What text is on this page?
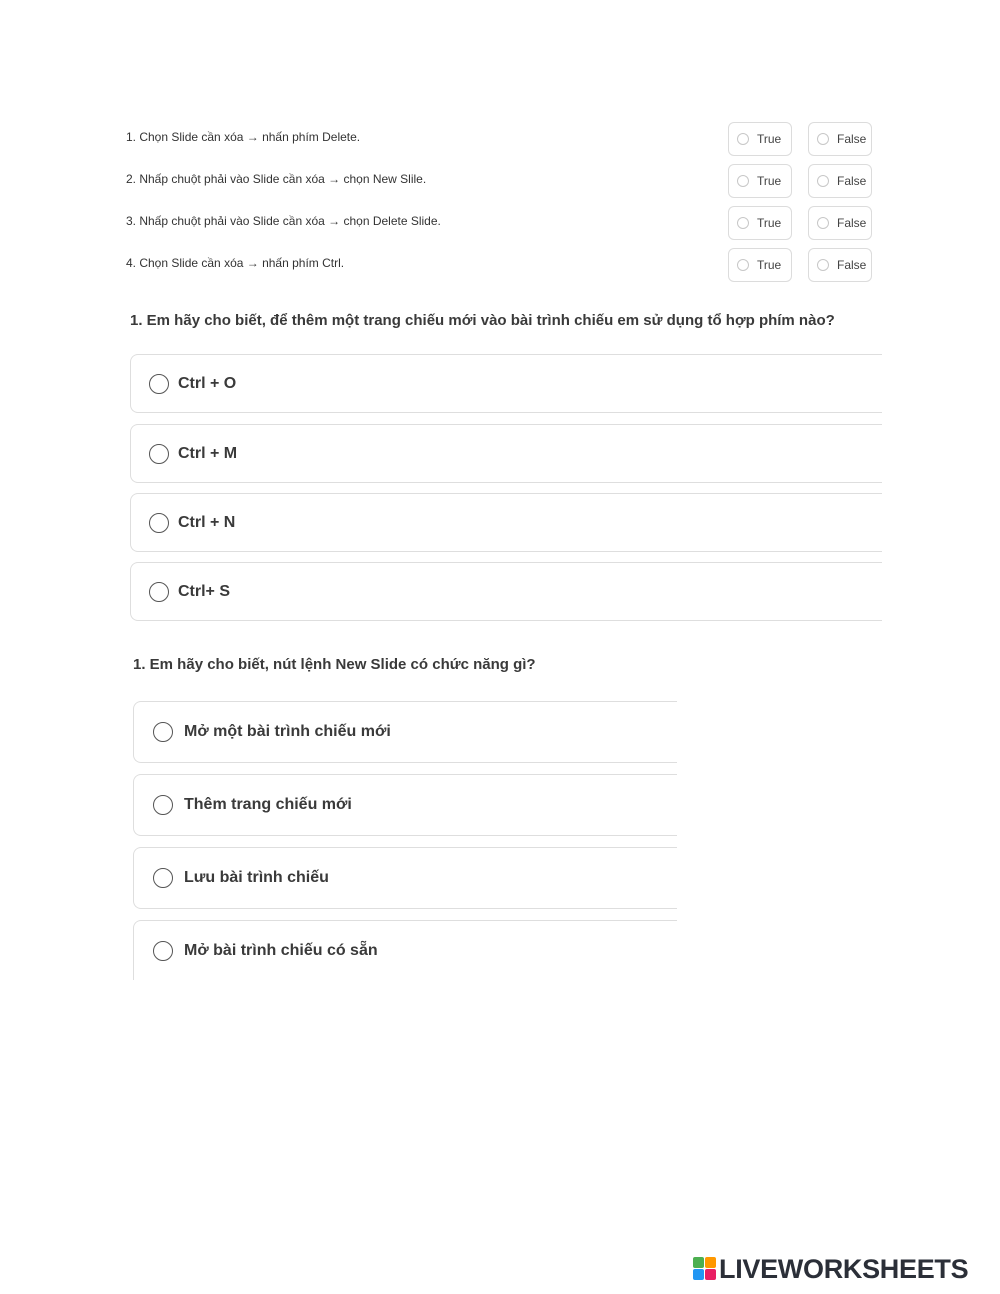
1. Chọn Slide cần xóa → nhấn phím Delete.	True	False
2. Nhấp chuột phải vào Slide cần xóa → chọn New Slile.	True	False
3. Nhấp chuột phải vào Slide cần xóa → chọn Delete Slide.	True	False
4. Chọn Slide cần xóa → nhấn phím Ctrl.	True	False
1. Em hãy cho biết, để thêm một trang chiếu mới vào bài trình chiếu em sử dụng tổ hợp phím nào?
Ctrl + O
Ctrl + M
Ctrl + N
Ctrl+ S
1. Em hãy cho biết, nút lệnh New Slide có chức năng gì?
Mở một bài trình chiếu mới
Thêm trang chiếu mới
Lưu bài trình chiếu
Mở bài trình chiếu có sẵn
LIVEWORKSHEETS
